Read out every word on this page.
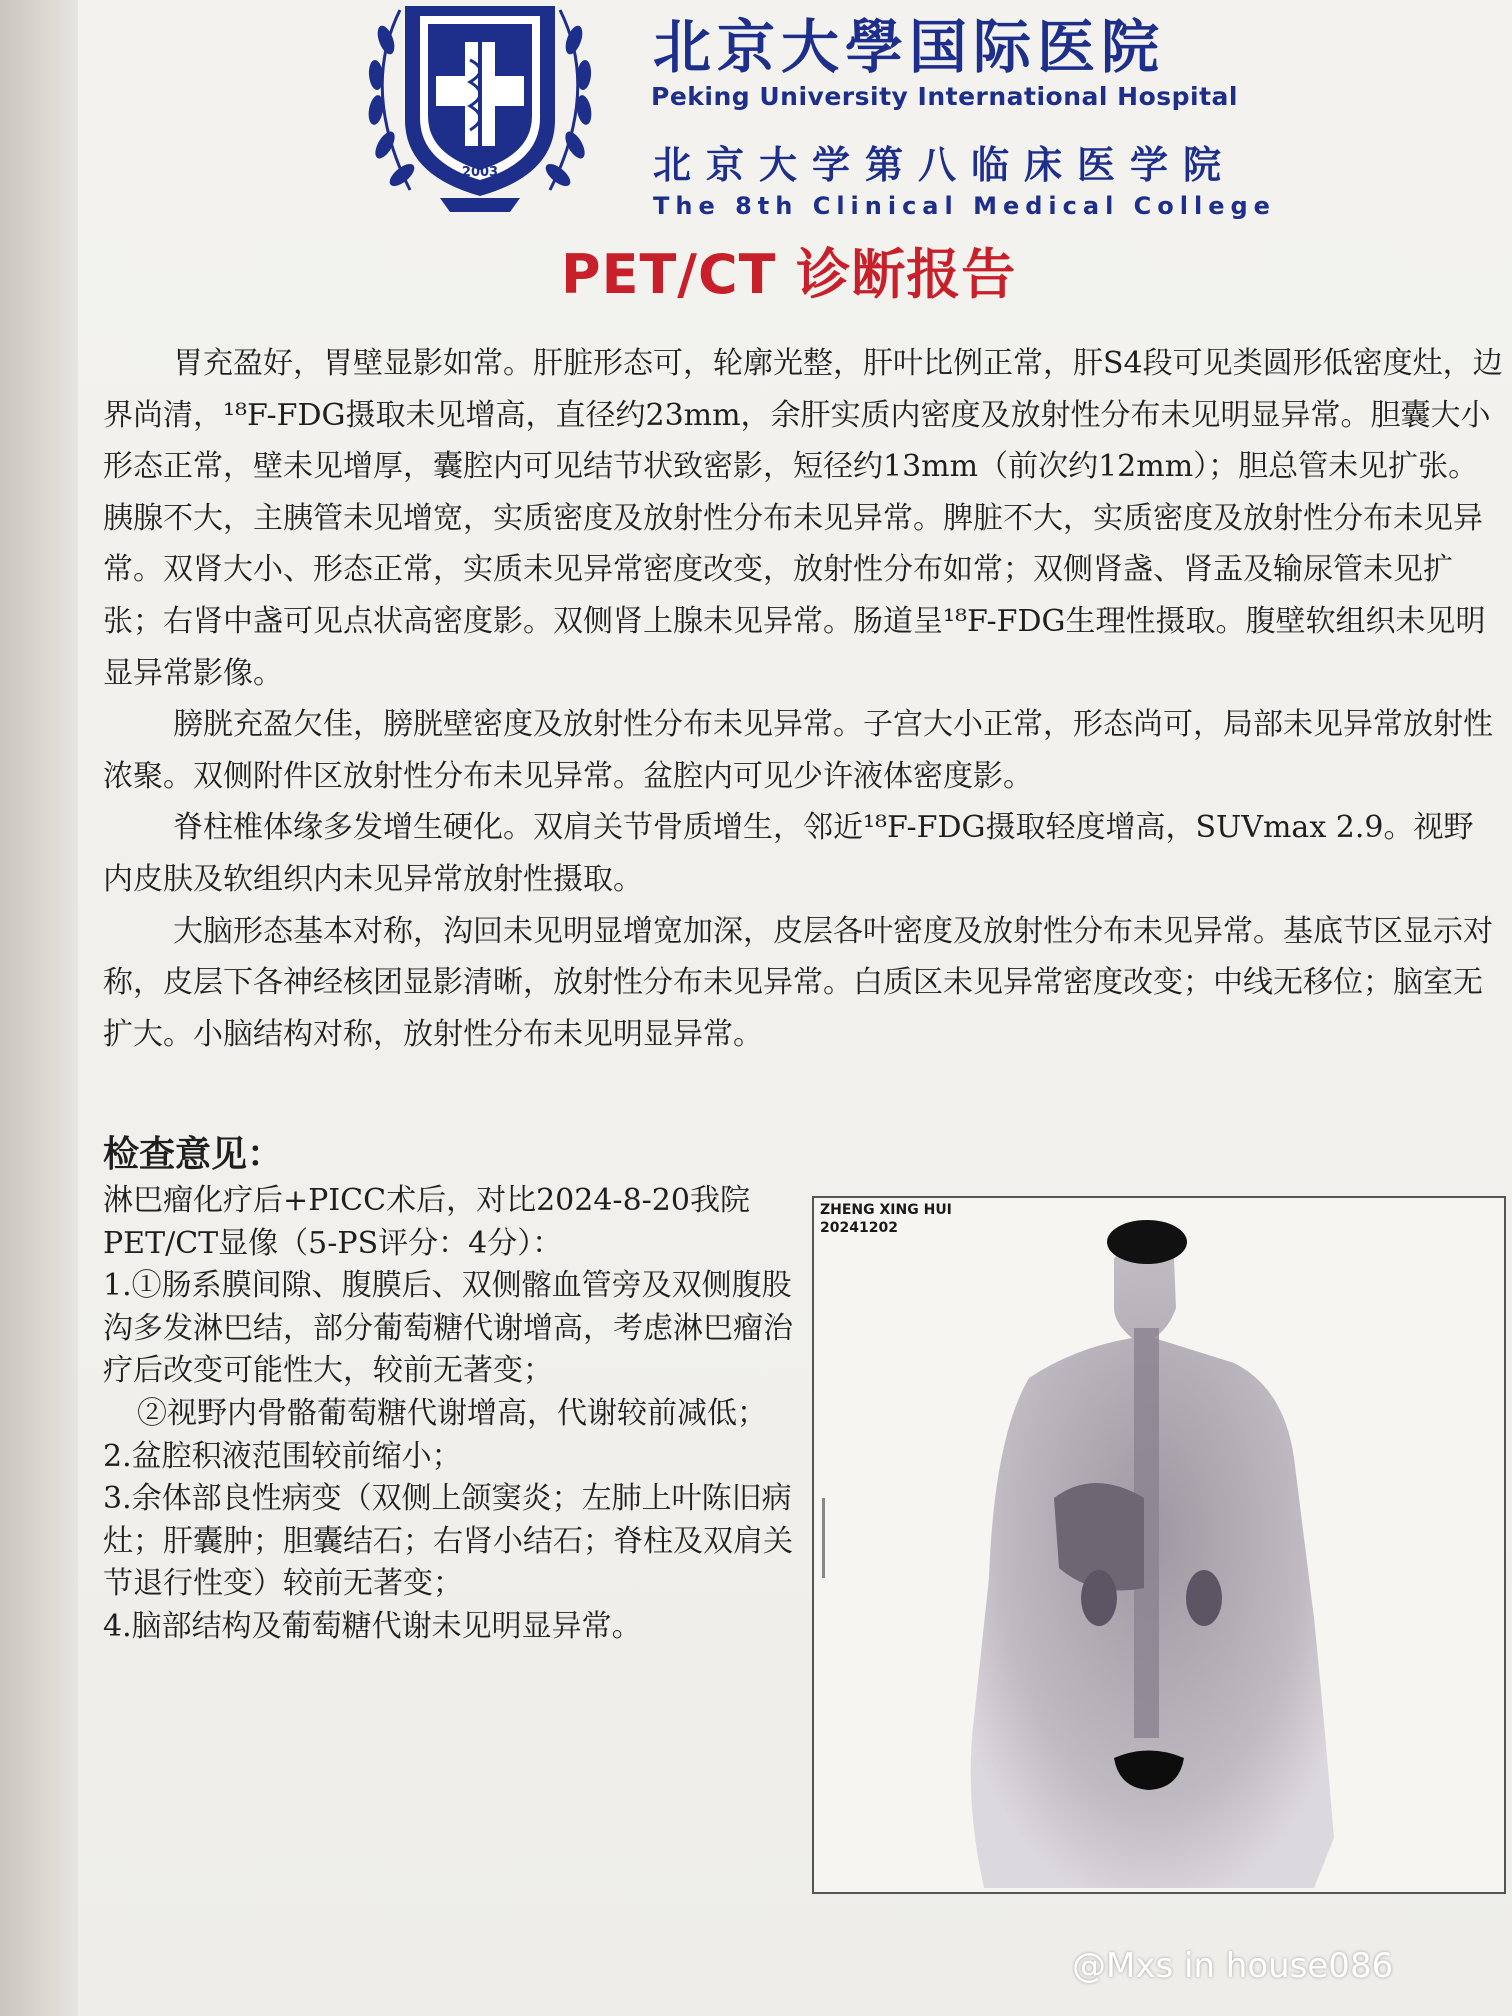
2003
北京大學国际医院
Peking University International Hospital
北京大学第八临床医学院
The 8th Clinical Medical College
PET/CT 诊断报告

胃充盈好，胃壁显影如常。肝脏形态可，轮廓光整，肝叶比例正常，肝S4段可见类圆形低密度灶，边界尚清，¹⁸F-FDG摄取未见增高，直径约23mm，余肝实质内密度及放射性分布未见明显异常。胆囊大小形态正常，壁未见增厚，囊腔内可见结节状致密影，短径约13mm（前次约12mm）；胆总管未见扩张。胰腺不大，主胰管未见增宽，实质密度及放射性分布未见异常。脾脏不大，实质密度及放射性分布未见异常。双肾大小、形态正常，实质未见异常密度改变，放射性分布如常；双侧肾盏、肾盂及输尿管未见扩张；右肾中盏可见点状高密度影。双侧肾上腺未见异常。肠道呈¹⁸F-FDG生理性摄取。腹壁软组织未见明显异常影像。

膀胱充盈欠佳，膀胱壁密度及放射性分布未见异常。子宫大小正常，形态尚可，局部未见异常放射性浓聚。双侧附件区放射性分布未见异常。盆腔内可见少许液体密度影。

脊柱椎体缘多发增生硬化。双肩关节骨质增生，邻近¹⁸F-FDG摄取轻度增高，SUVmax 2.9。视野内皮肤及软组织内未见异常放射性摄取。

大脑形态基本对称，沟回未见明显增宽加深，皮层各叶密度及放射性分布未见异常。基底节区显示对称，皮层下各神经核团显影清晰，放射性分布未见异常。白质区未见异常密度改变；中线无移位；脑室无扩大。小脑结构对称，放射性分布未见明显异常。

检查意见：

淋巴瘤化疗后+PICC术后，对比2024-8-20我院PET/CT显像（5-PS评分：4分）：

1.①肠系膜间隙、腹膜后、双侧髂血管旁及双侧腹股沟多发淋巴结，部分葡萄糖代谢增高，考虑淋巴瘤治疗后改变可能性大，较前无著变；

②视野内骨骼葡萄糖代谢增高，代谢较前减低；

2.盆腔积液范围较前缩小；

3.余体部良性病变（双侧上颌窦炎；左肺上叶陈旧病灶；肝囊肿；胆囊结石；右肾小结石；脊柱及双肩关节退行性变）较前无著变；

4.脑部结构及葡萄糖代谢未见明显异常。

ZHENG XING HUI
20241202
@Mxs in house086
